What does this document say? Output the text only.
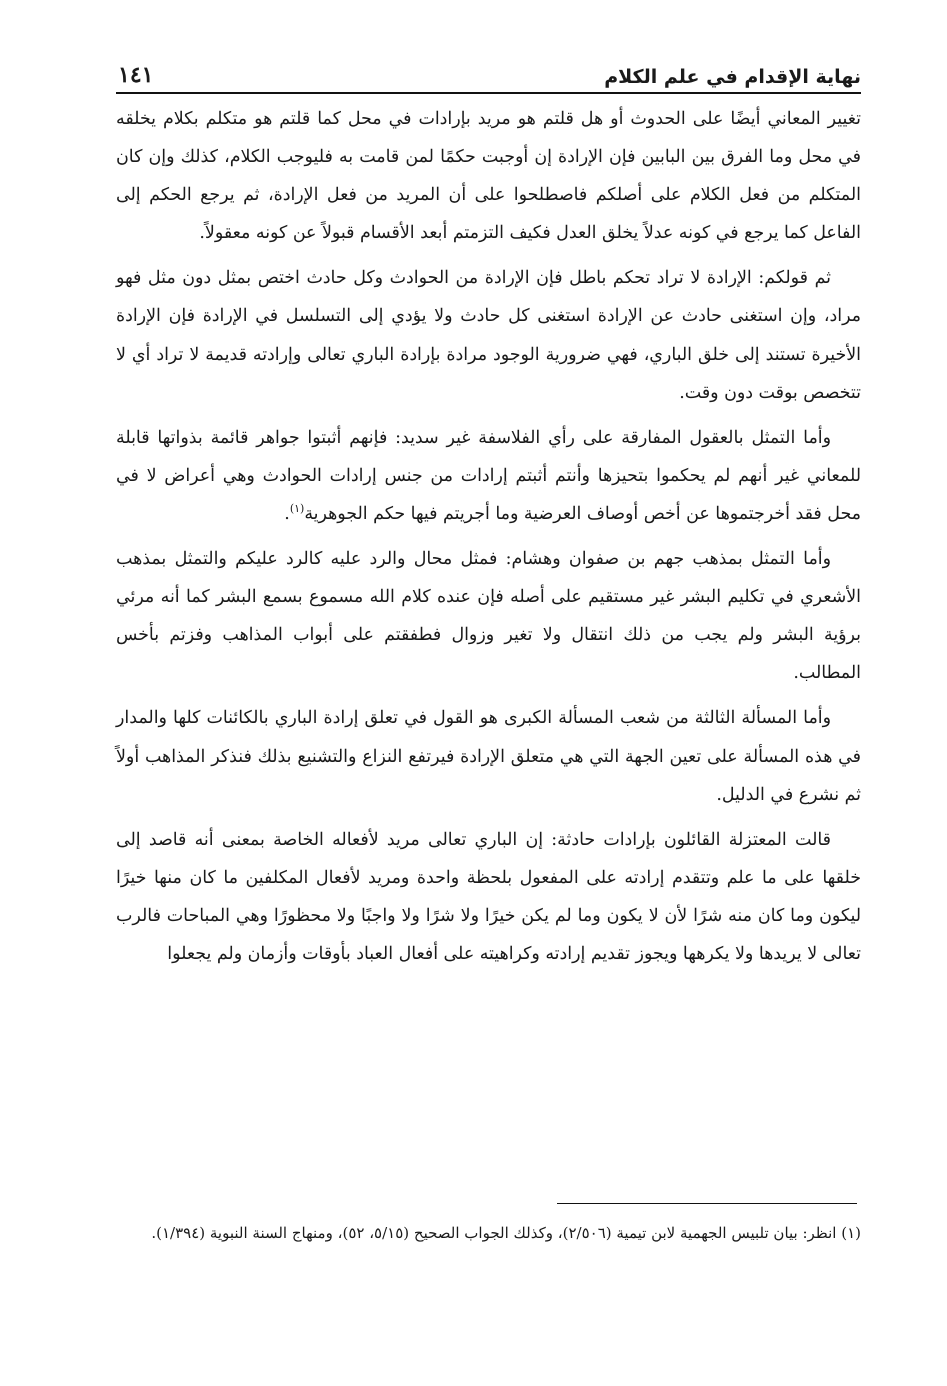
نهاية الإقدام في علم الكلام
١٤١

تغيير المعاني أيضًا على الحدوث أو هل قلتم هو مريد بإرادات في محل كما قلتم هو متكلم بكلام يخلقه في محل وما الفرق بين البابين فإن الإرادة إن أوجبت حكمًا لمن قامت به فليوجب الكلام، كذلك وإن كان المتكلم من فعل الكلام على أصلكم فاصطلحوا على أن المريد من فعل الإرادة، ثم يرجع الحكم إلى الفاعل كما يرجع في كونه عدلاً يخلق العدل فكيف التزمتم أبعد الأقسام قبولاً عن كونه معقولاً.

ثم قولكم: الإرادة لا تراد تحكم باطل فإن الإرادة من الحوادث وكل حادث اختص بمثل دون مثل فهو مراد، وإن استغنى حادث عن الإرادة استغنى كل حادث ولا يؤدي إلى التسلسل في الإرادة فإن الإرادة الأخيرة تستند إلى خلق الباري، فهي ضرورية الوجود مرادة بإرادة الباري تعالى وإرادته قديمة لا تراد أي لا تتخصص بوقت دون وقت.

وأما التمثل بالعقول المفارقة على رأي الفلاسفة غير سديد: فإنهم أثبتوا جواهر قائمة بذواتها قابلة للمعاني غير أنهم لم يحكموا بتحيزها وأنتم أثبتم إرادات من جنس إرادات الحوادث وهي أعراض لا في محل فقد أخرجتموها عن أخص أوصاف العرضية وما أجريتم فيها حكم الجوهرية$^{(١)}$.

وأما التمثل بمذهب جهم بن صفوان وهشام: فمثل محال والرد عليه كالرد عليكم والتمثل بمذهب الأشعري في تكليم البشر غير مستقيم على أصله فإن عنده كلام الله مسموع بسمع البشر كما أنه مرئي برؤية البشر ولم يجب من ذلك انتقال ولا تغير وزوال فطفقتم على أبواب المذاهب وفزتم بأخس المطالب.

وأما المسألة الثالثة من شعب المسألة الكبرى هو القول في تعلق إرادة الباري بالكائنات كلها والمدار في هذه المسألة على تعين الجهة التي هي متعلق الإرادة فيرتفع النزاع والتشنيع بذلك فنذكر المذاهب أولاً ثم نشرع في الدليل.

قالت المعتزلة القائلون بإرادات حادثة: إن الباري تعالى مريد لأفعاله الخاصة بمعنى أنه قاصد إلى خلقها على ما علم وتتقدم إرادته على المفعول بلحظة واحدة ومريد لأفعال المكلفين ما كان منها خيرًا ليكون وما كان منه شرًا لأن لا يكون وما لم يكن خيرًا ولا شرًا ولا واجبًا ولا محظورًا وهي المباحات فالرب تعالى لا يريدها ولا يكرهها ويجوز تقديم إرادته وكراهيته على أفعال العباد بأوقات وأزمان ولم يجعلوا

(١) انظر: بيان تلبيس الجهمية لابن تيمية (٢/٥٠٦)، وكذلك الجواب الصحيح (٥/١٥، ٥٢)، ومنهاج السنة النبوية (١/٣٩٤).
